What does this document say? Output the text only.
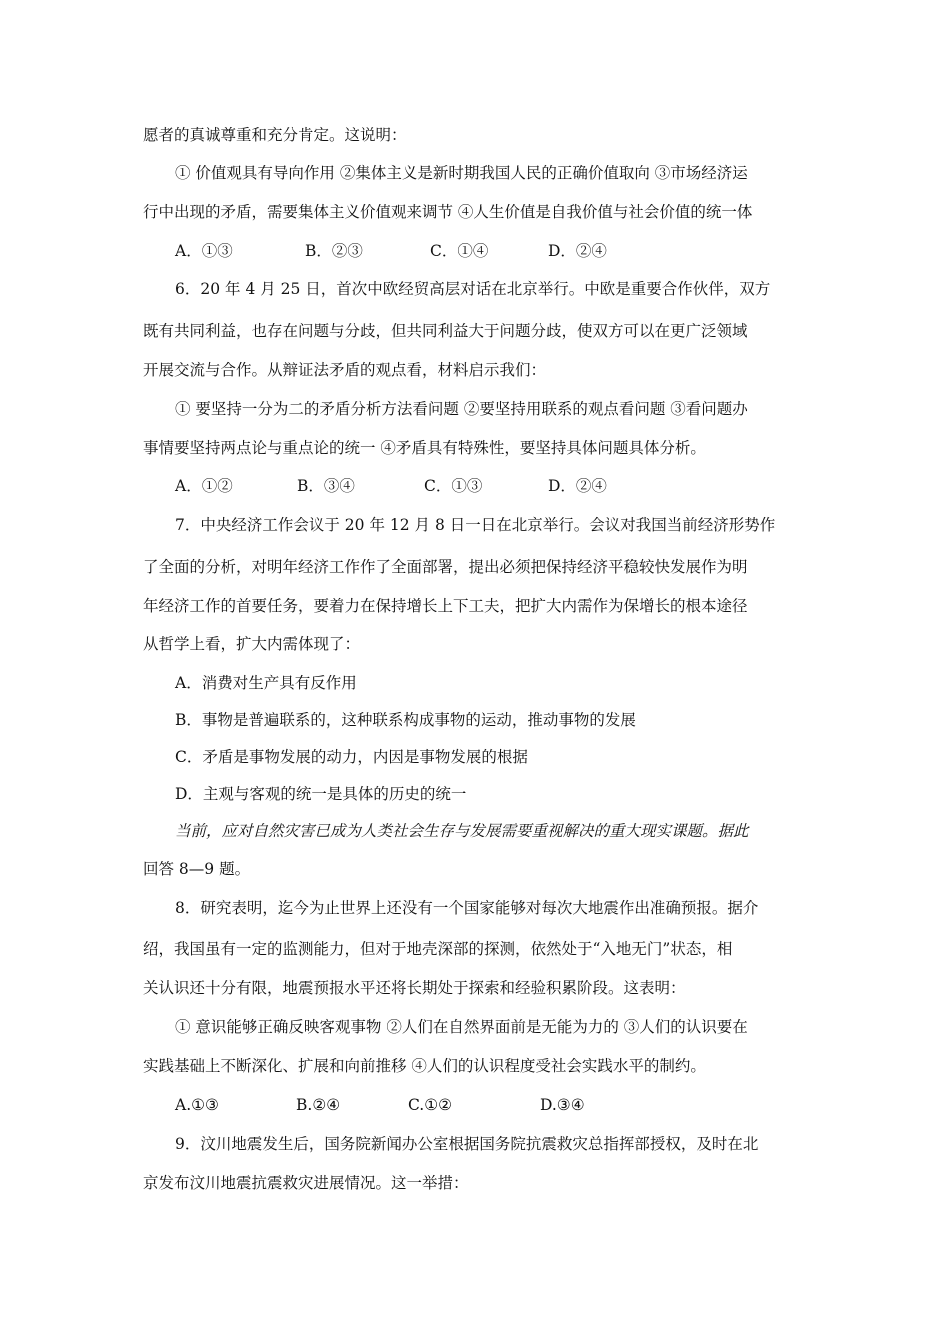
愿者的真诚尊重和充分肯定。这说明：
① 价值观具有导向作用 ②集体主义是新时期我国人民的正确价值取向 ③市场经济运
行中出现的矛盾，需要集体主义价值观来调节 ④人生价值是自我价值与社会价值的统一体
A．①③	B．②③	C．①④	D．②④
6．20 年 4 月 25 日，首次中欧经贸高层对话在北京举行。中欧是重要合作伙伴，双方
既有共同利益，也存在问题与分歧，但共同利益大于问题分歧，使双方可以在更广泛领域
开展交流与合作。从辩证法矛盾的观点看，材料启示我们：
① 要坚持一分为二的矛盾分析方法看问题 ②要坚持用联系的观点看问题 ③看问题办
事情要坚持两点论与重点论的统一 ④矛盾具有特殊性，要坚持具体问题具体分析。
A．①②	B．③④	C．①③	D．②④
7．中央经济工作会议于 20 年 12 月 8 日一日在北京举行。会议对我国当前经济形势作
了全面的分析，对明年经济工作作了全面部署，提出必须把保持经济平稳较快发展作为明
年经济工作的首要任务，要着力在保持增长上下工夫，把扩大内需作为保增长的根本途径
从哲学上看，扩大内需体现了：
A．消费对生产具有反作用
B．事物是普遍联系的，这种联系构成事物的运动，推动事物的发展
C．矛盾是事物发展的动力，内因是事物发展的根据
D．主观与客观的统一是具体的历史的统一
当前，应对自然灾害已成为人类社会生存与发展需要重视解决的重大现实课题。据此
回答 8—9 题。
8．研究表明，迄今为止世界上还没有一个国家能够对每次大地震作出准确预报。据介
绍，我国虽有一定的监测能力，但对于地壳深部的探测，依然处于“入地无门”状态，相
关认识还十分有限，地震预报水平还将长期处于探索和经验积累阶段。这表明：
① 意识能够正确反映客观事物 ②人们在自然界面前是无能为力的 ③人们的认识要在
实践基础上不断深化、扩展和向前推移 ④人们的认识程度受社会实践水平的制约。
A.①③	B.②④	C.①②	D.③④
9．汶川地震发生后，国务院新闻办公室根据国务院抗震救灾总指挥部授权，及时在北
京发布汶川地震抗震救灾进展情况。这一举措：
